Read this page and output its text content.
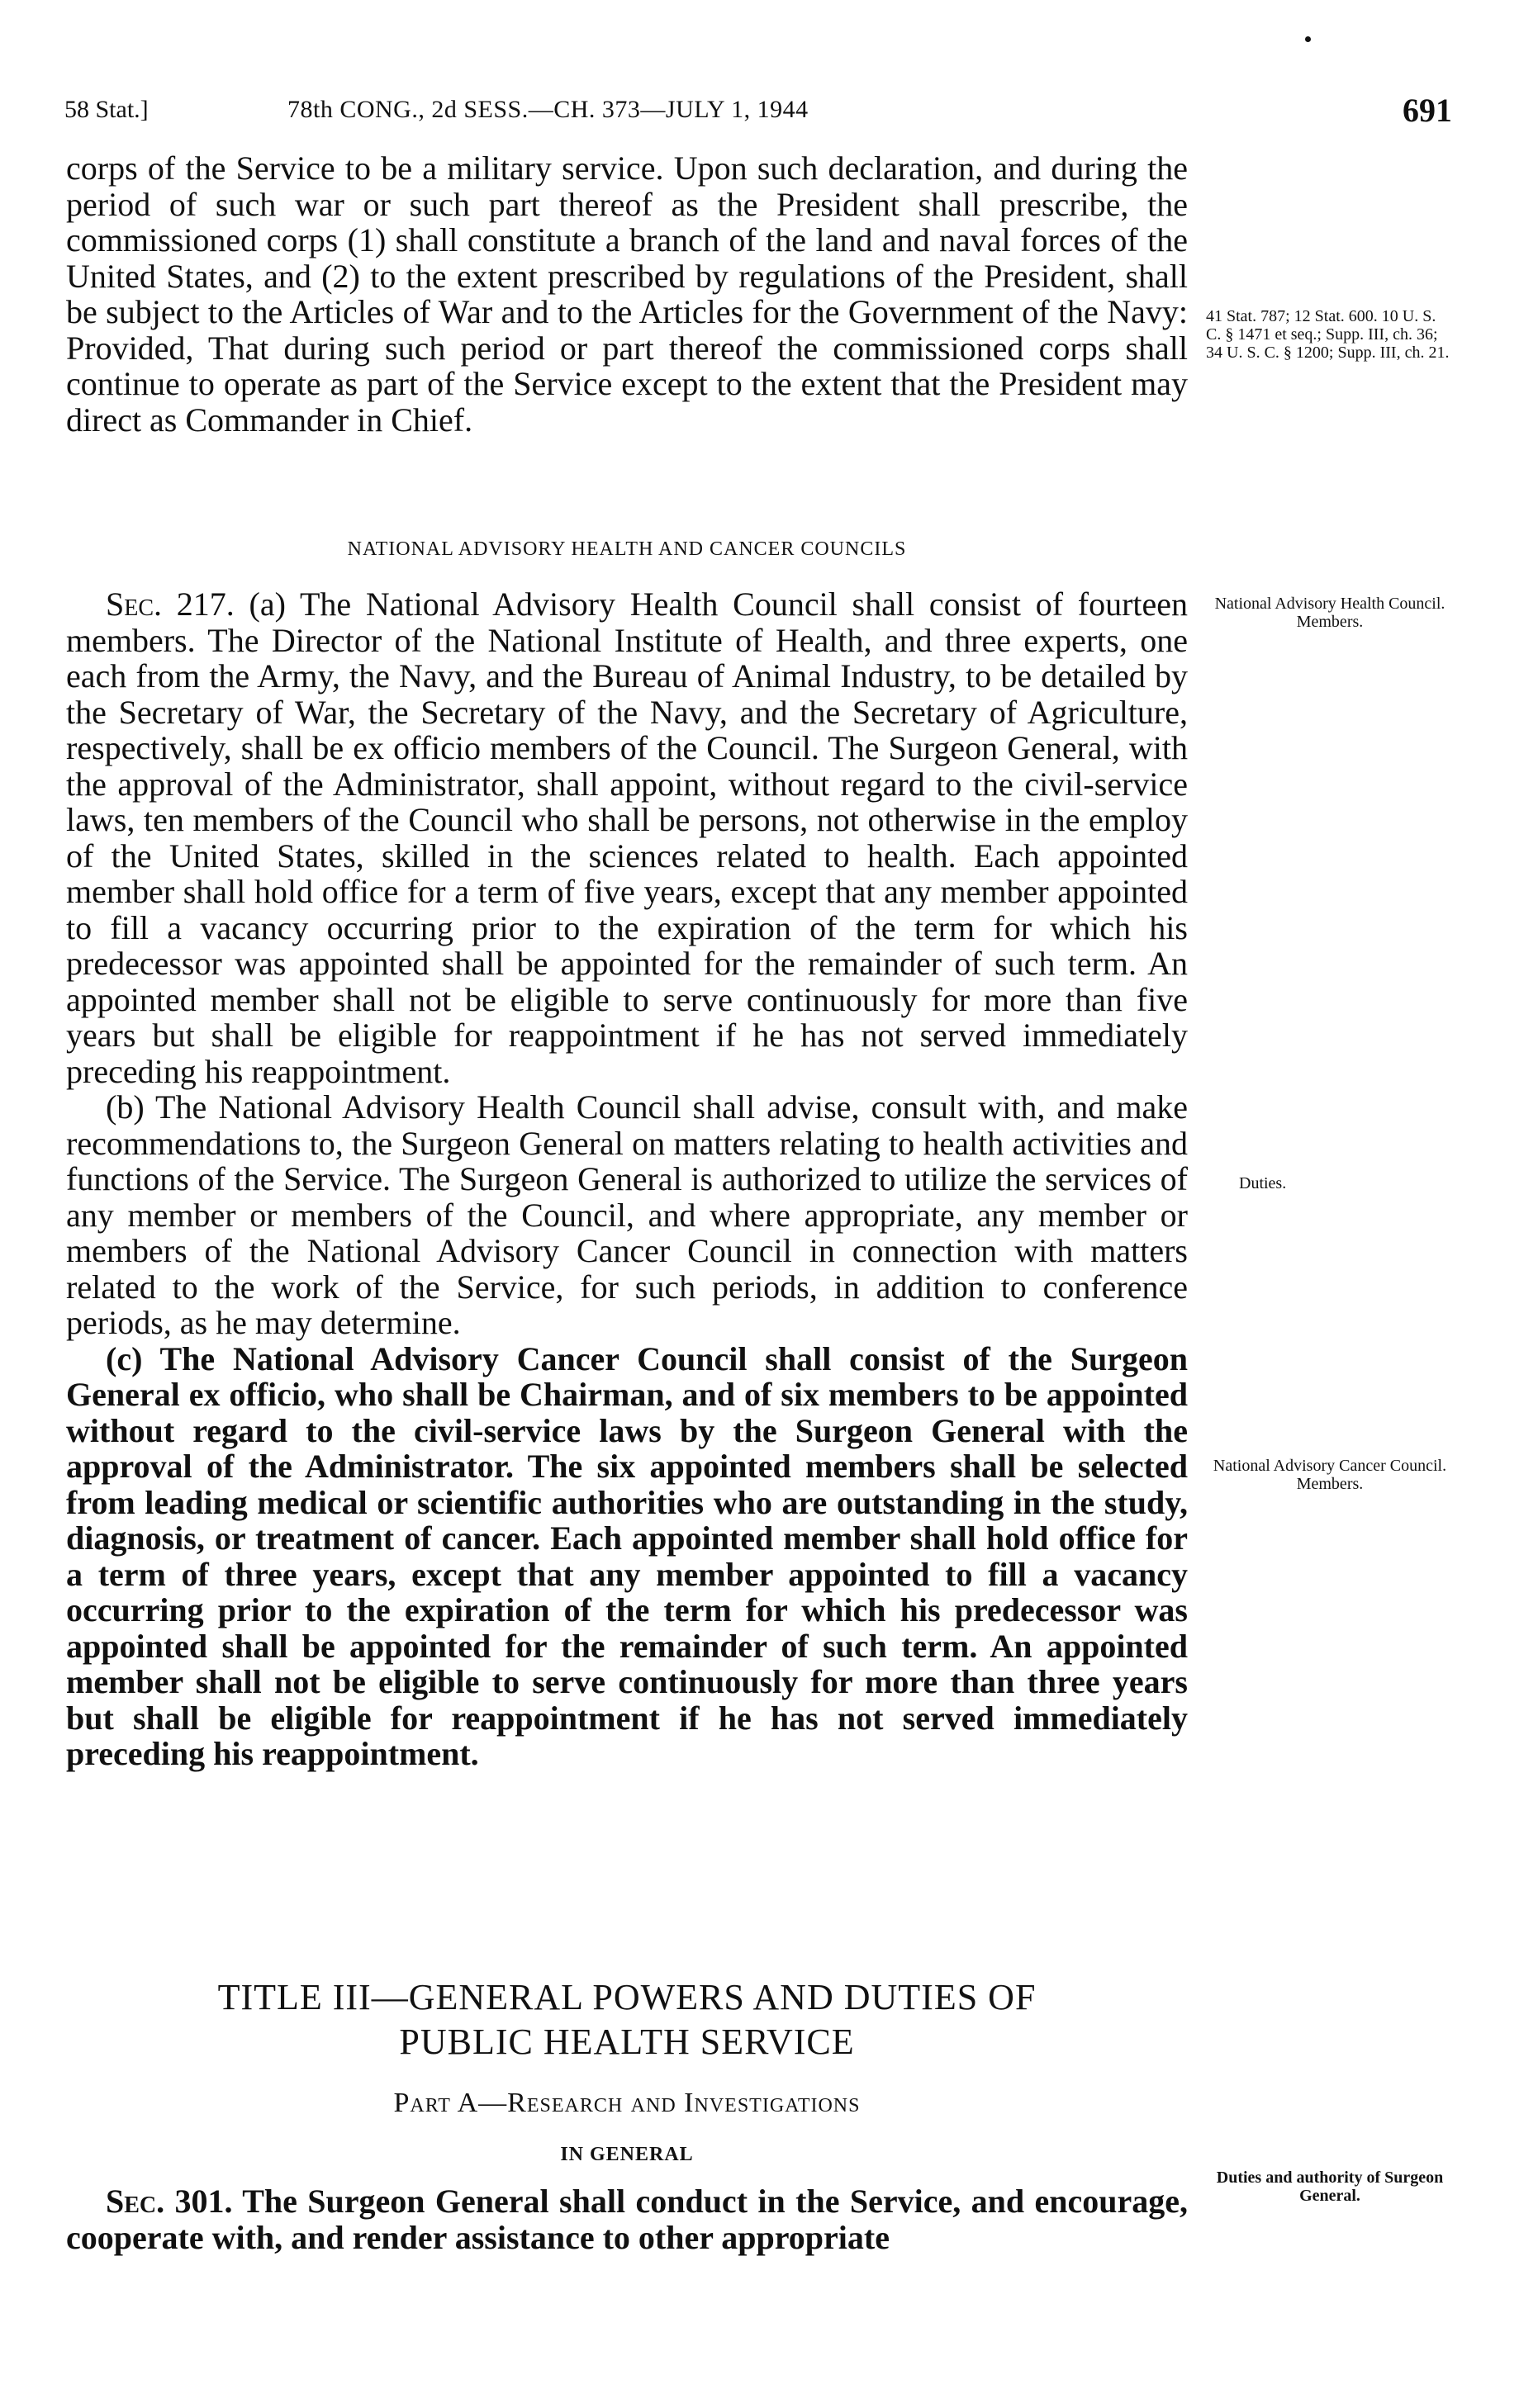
58 Stat.]	78th CONG., 2d SESS.—CH. 373—JULY 1, 1944	691

corps of the Service to be a military service. Upon such declaration, and during the period of such war or such part thereof as the President shall prescribe, the commissioned corps (1) shall constitute a branch of the land and naval forces of the United States, and (2) to the extent prescribed by regulations of the President, shall be subject to the Articles of War and to the Articles for the Government of the Navy: Provided, That during such period or part thereof the commissioned corps shall continue to operate as part of the Service except to the extent that the President may direct as Commander in Chief.

NATIONAL ADVISORY HEALTH AND CANCER COUNCILS

Sec. 217. (a) The National Advisory Health Council shall consist of fourteen members. The Director of the National Institute of Health, and three experts, one each from the Army, the Navy, and the Bureau of Animal Industry, to be detailed by the Secretary of War, the Secretary of the Navy, and the Secretary of Agriculture, respectively, shall be ex officio members of the Council. The Surgeon General, with the approval of the Administrator, shall appoint, without regard to the civil-service laws, ten members of the Council who shall be persons, not otherwise in the employ of the United States, skilled in the sciences related to health. Each appointed member shall hold office for a term of five years, except that any member appointed to fill a vacancy occurring prior to the expiration of the term for which his predecessor was appointed shall be appointed for the remainder of such term. An appointed member shall not be eligible to serve continuously for more than five years but shall be eligible for reappointment if he has not served immediately preceding his reappointment.

(b) The National Advisory Health Council shall advise, consult with, and make recommendations to, the Surgeon General on matters relating to health activities and functions of the Service. The Surgeon General is authorized to utilize the services of any member or members of the Council, and where appropriate, any member or members of the National Advisory Cancer Council in connection with matters related to the work of the Service, for such periods, in addition to conference periods, as he may determine.

(c) The National Advisory Cancer Council shall consist of the Surgeon General ex officio, who shall be Chairman, and of six members to be appointed without regard to the civil-service laws by the Surgeon General with the approval of the Administrator. The six appointed members shall be selected from leading medical or scientific authorities who are outstanding in the study, diagnosis, or treatment of cancer. Each appointed member shall hold office for a term of three years, except that any member appointed to fill a vacancy occurring prior to the expiration of the term for which his predecessor was appointed shall be appointed for the remainder of such term. An appointed member shall not be eligible to serve continuously for more than three years but shall be eligible for reappointment if he has not served immediately preceding his reappointment.

TITLE III—GENERAL POWERS AND DUTIES OF
PUBLIC HEALTH SERVICE
Part A—Research and Investigations
IN GENERAL

Sec. 301. The Surgeon General shall conduct in the Service, and encourage, cooperate with, and render assistance to other appropriate

41 Stat. 787; 12 Stat. 600. 10 U. S. C. § 1471 et seq.; Supp. III, ch. 36; 34 U. S. C. § 1200; Supp. III, ch. 21.
National Advisory Health Council. Members.
Duties.
National Advisory Cancer Council. Members.
Duties and authority of Surgeon General.
